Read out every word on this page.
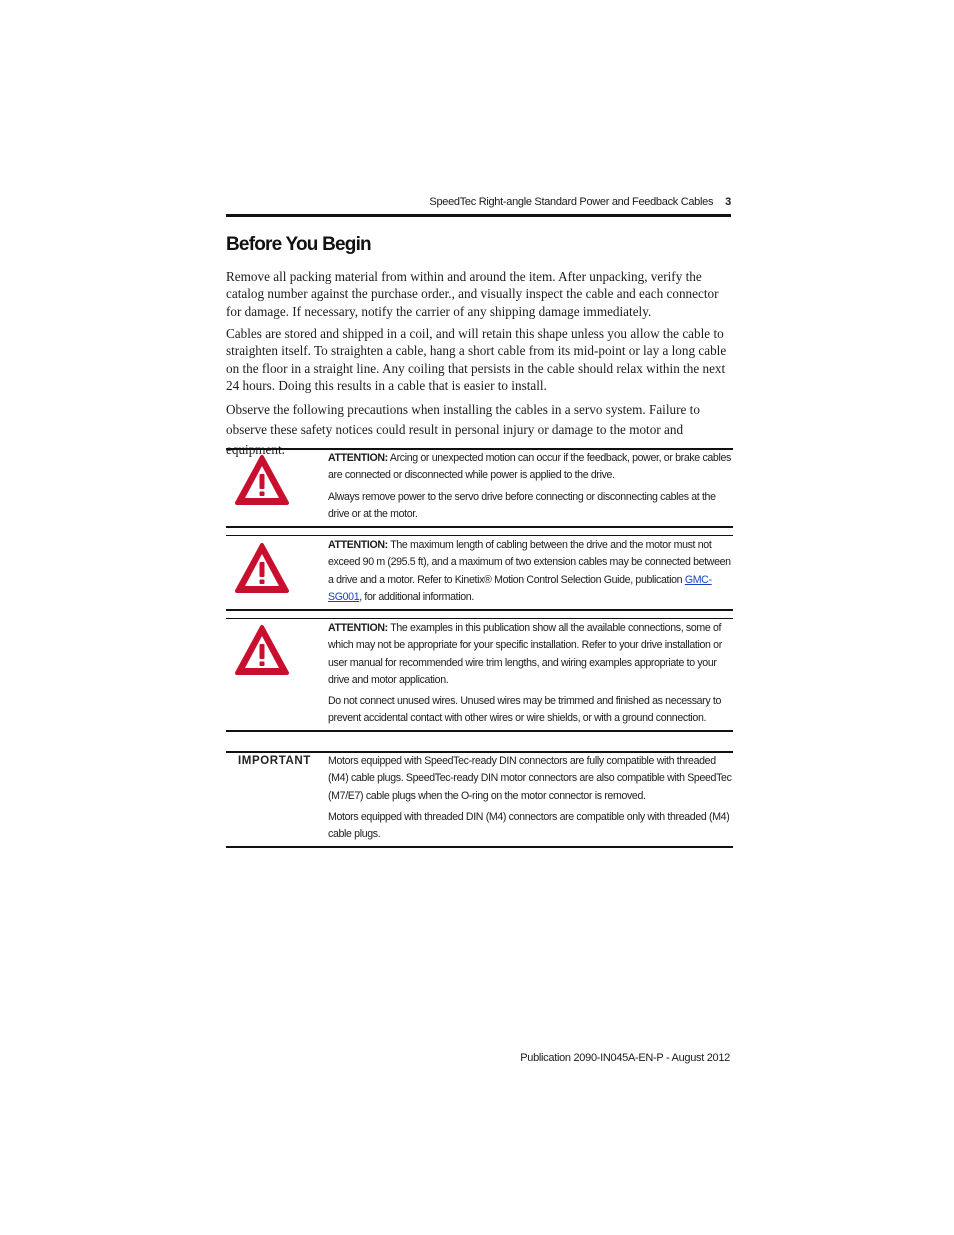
SpeedTec Right-angle Standard Power and Feedback Cables 3
Before You Begin

Remove all packing material from within and around the item. After unpacking, verify the catalog number against the purchase order., and visually inspect the cable and each connector for damage. If necessary, notify the carrier of any shipping damage immediately.

Cables are stored and shipped in a coil, and will retain this shape unless you allow the cable to straighten itself. To straighten a cable, hang a short cable from its mid-point or lay a long cable on the floor in a straight line. Any coiling that persists in the cable should relax within the next 24 hours. Doing this results in a cable that is easier to install.

Observe the following precautions when installing the cables in a servo system. Failure to observe these safety notices could result in personal injury or damage to the motor and

ATTENTION: Arcing or unexpected motion can occur if the feedback, power, or brake cables are connected or disconnected while power is applied to the drive.

Always remove power to the servo drive before connecting or disconnecting cables at the drive or at the motor.

ATTENTION: The maximum length of cabling between the drive and the motor must not exceed 90 m (295.5 ft), and a maximum of two extension cables may be connected between a drive and a motor. Refer to Kinetix® Motion Control Selection Guide, publication GMC-SG001, for additional information.

ATTENTION: The examples in this publication show all the available connections, some of which may not be appropriate for your specific installation. Refer to your drive installation or user manual for recommended wire trim lengths, and wiring examples appropriate to your drive and motor application.

Do not connect unused wires. Unused wires may be trimmed and finished as necessary to prevent accidental contact with other wires or wire shields, or with a ground connection.

IMPORTANT Motors equipped with SpeedTec-ready DIN connectors are fully compatible with threaded (M4) cable plugs. SpeedTec-ready DIN motor connectors are also compatible with SpeedTec (M7/E7) cable plugs when the O-ring on the motor connector is removed.

Motors equipped with threaded DIN (M4) connectors are compatible only with threaded (M4) cable plugs.

Publication 2090-IN045A-EN-P - August 2012
